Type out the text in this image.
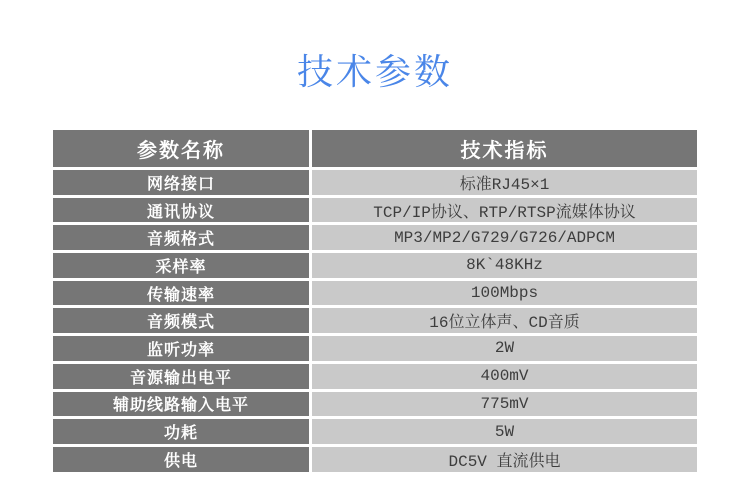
技术参数
参数名称	技术指标
网络接口	标准RJ45×1
通讯协议	TCP/IP协议、RTP/RTSP流媒体协议
音频格式	MP3/MP2/G729/G726/ADPCM
采样率	8K`48KHz
传输速率	100Mbps
音频模式	16位立体声、CD音质
监听功率	2W
音源输出电平	400mV
辅助线路输入电平	775mV
功耗	5W
供电	DC5V 直流供电
